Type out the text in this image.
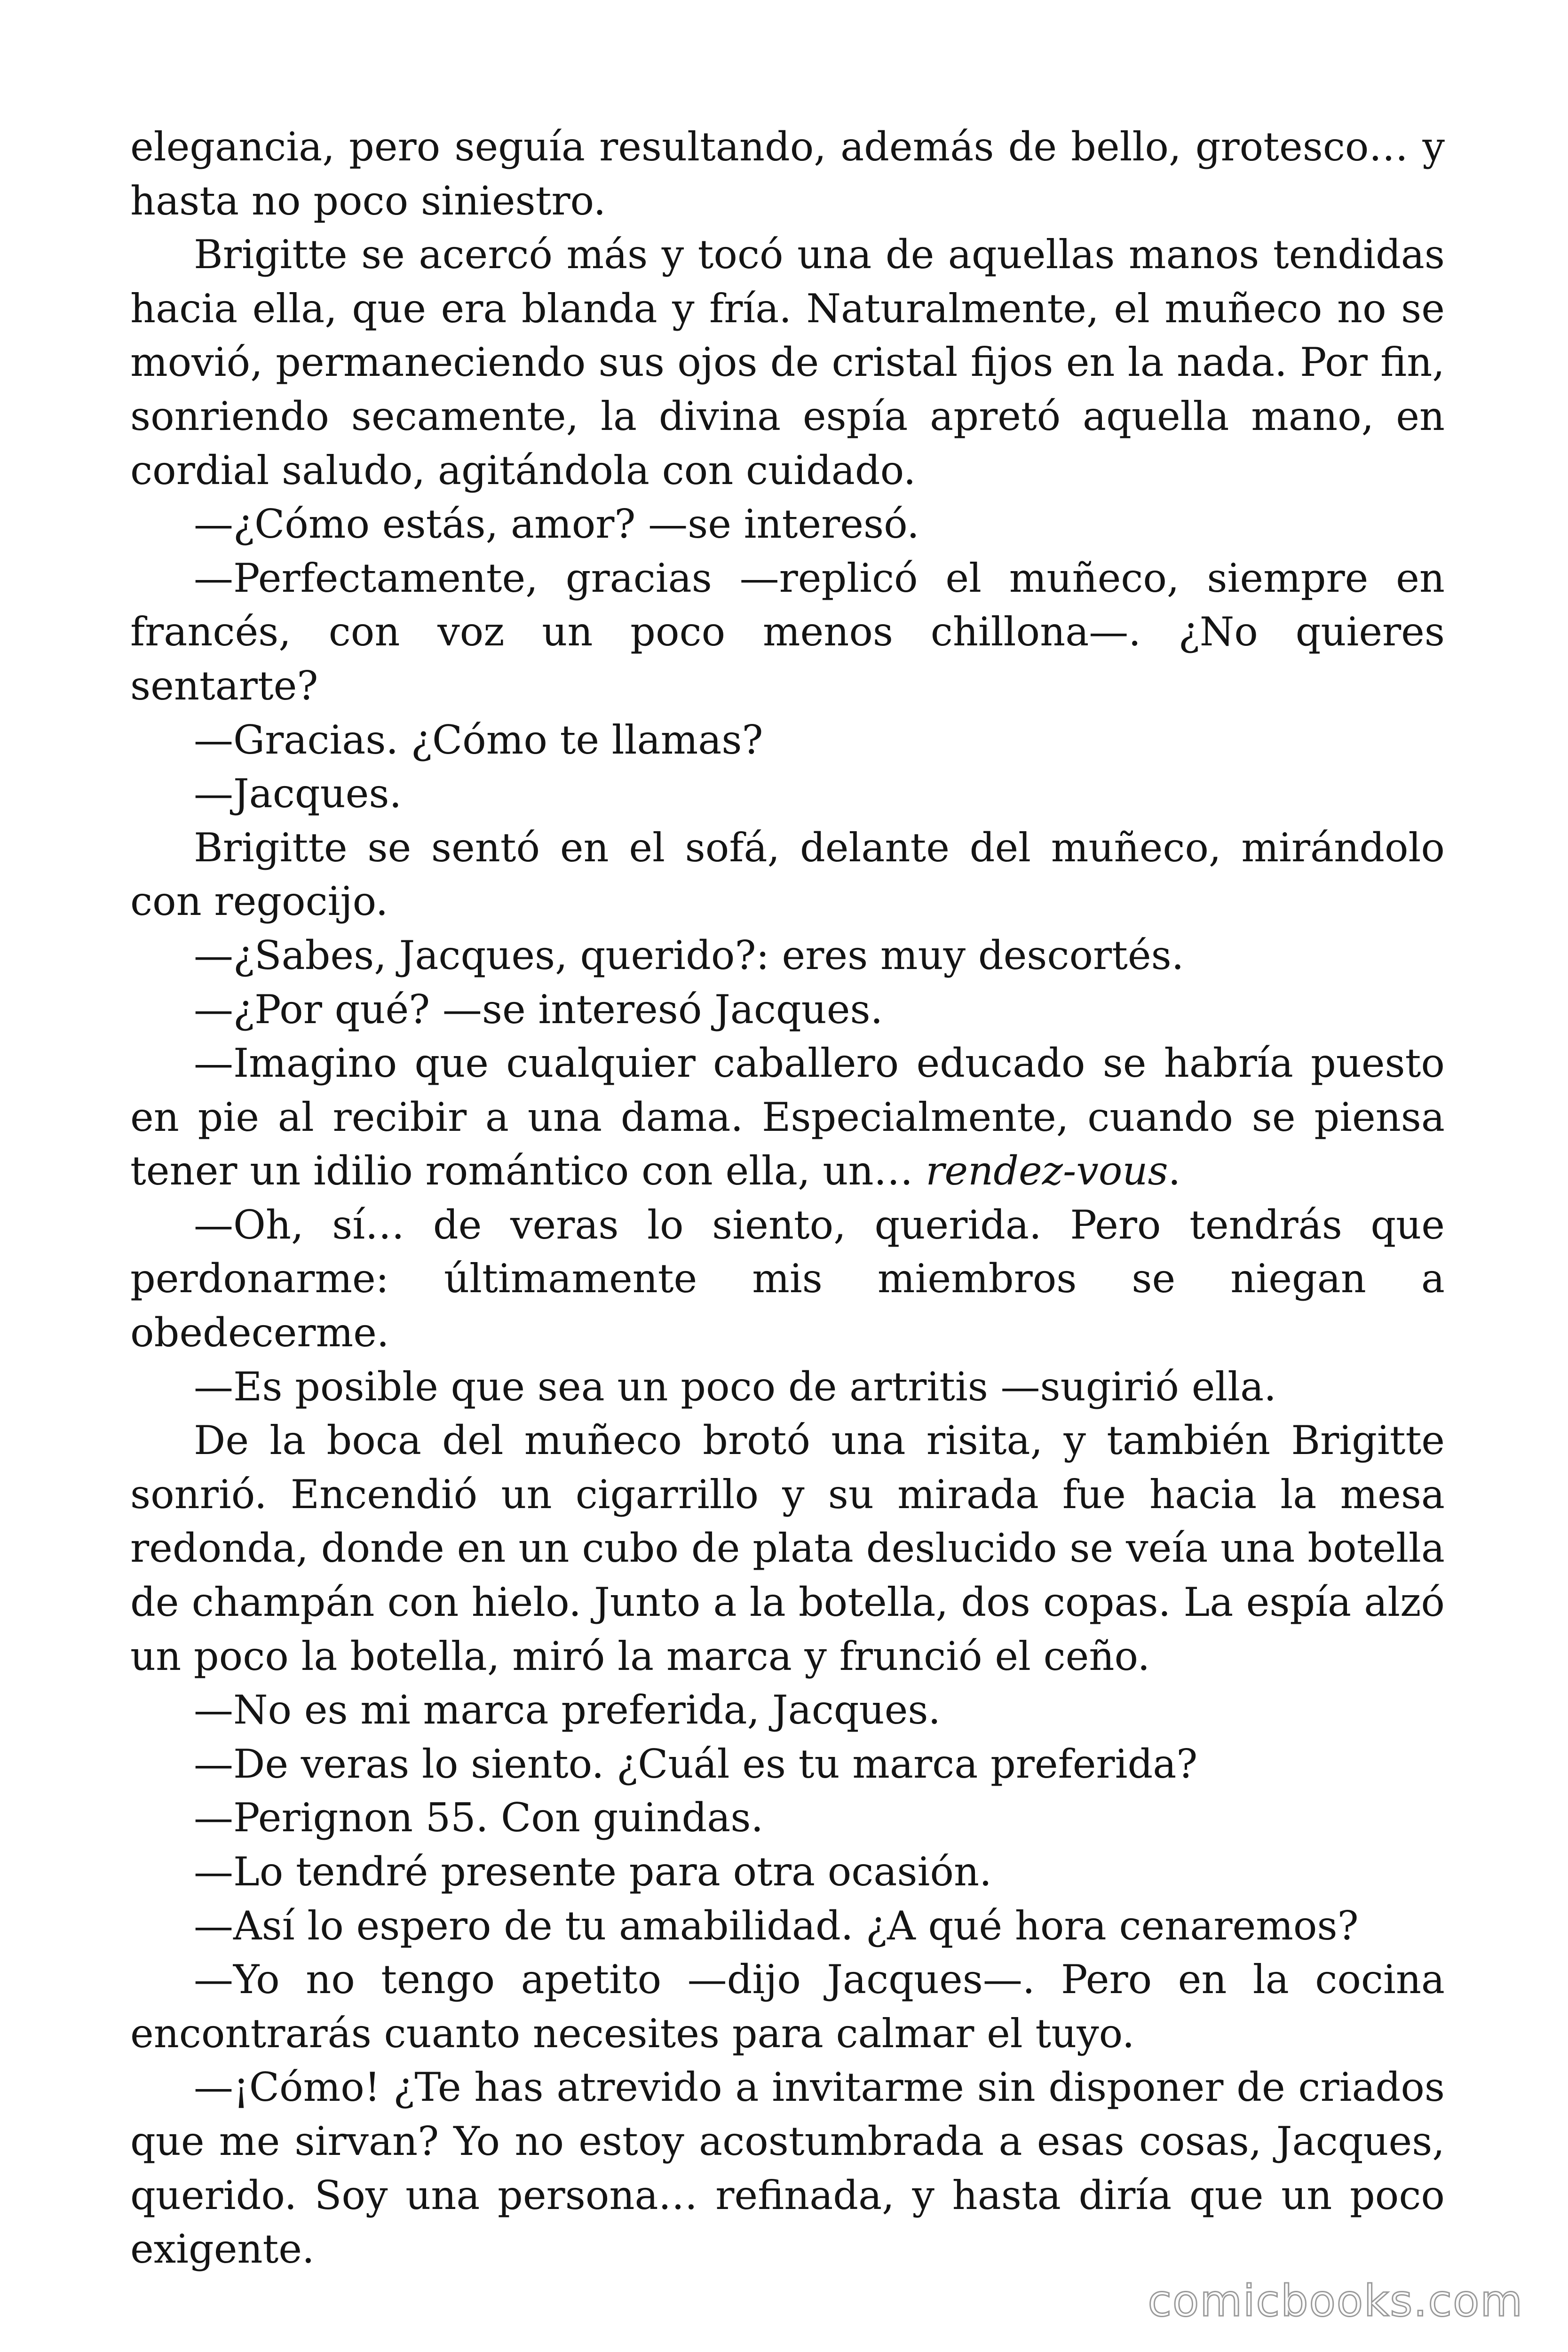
elegancia, pero seguía resultando, además de bello, grotesco… y hasta no poco siniestro.

Brigitte se acercó más y tocó una de aquellas manos tendidas hacia ella, que era blanda y fría. Naturalmente, el muñeco no se movió, permaneciendo sus ojos de cristal fijos en la nada. Por fin, sonriendo secamente, la divina espía apretó aquella mano, en cordial saludo, agitándola con cuidado.

—¿Cómo estás, amor? —se interesó.

—Perfectamente, gracias —replicó el muñeco, siempre en francés, con voz un poco menos chillona—. ¿No quieres sentarte?

—Gracias. ¿Cómo te llamas?

—Jacques.

Brigitte se sentó en el sofá, delante del muñeco, mirándolo con regocijo.

—¿Sabes, Jacques, querido?: eres muy descortés.

—¿Por qué? —se interesó Jacques.

—Imagino que cualquier caballero educado se habría puesto en pie al recibir a una dama. Especialmente, cuando se piensa tener un idilio romántico con ella, un… rendez-vous.

—Oh, sí… de veras lo siento, querida. Pero tendrás que perdonarme: últimamente mis miembros se niegan a obedecerme.

—Es posible que sea un poco de artritis —sugirió ella.

De la boca del muñeco brotó una risita, y también Brigitte sonrió. Encendió un cigarrillo y su mirada fue hacia la mesa redonda, donde en un cubo de plata deslucido se veía una botella de champán con hielo. Junto a la botella, dos copas. La espía alzó un poco la botella, miró la marca y frunció el ceño.

—No es mi marca preferida, Jacques.

—De veras lo siento. ¿Cuál es tu marca preferida?

—Perignon 55. Con guindas.

—Lo tendré presente para otra ocasión.

—Así lo espero de tu amabilidad. ¿A qué hora cenaremos?

—Yo no tengo apetito —dijo Jacques—. Pero en la cocina encontrarás cuanto necesites para calmar el tuyo.

—¡Cómo! ¿Te has atrevido a invitarme sin disponer de criados que me sirvan? Yo no estoy acostumbrada a esas cosas, Jacques, querido. Soy una persona… refinada, y hasta diría que un poco exigente.

comicbooks.com
